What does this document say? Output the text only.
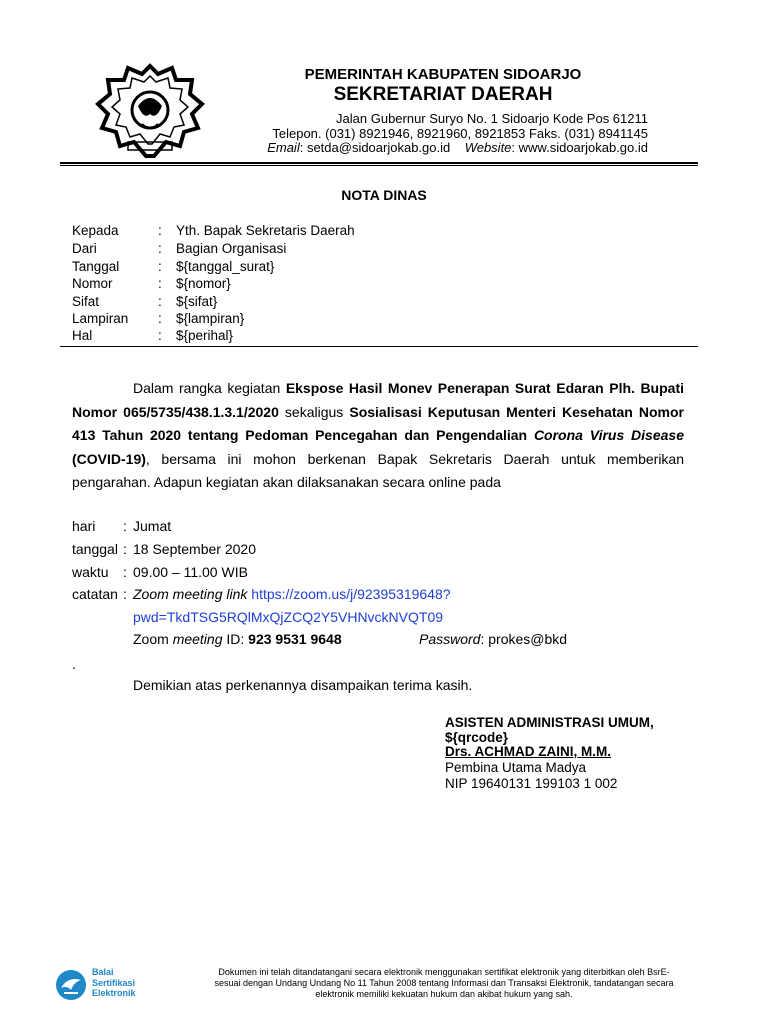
PEMERINTAH KABUPATEN SIDOARJO
SEKRETARIAT DAERAH
Jalan Gubernur Suryo No. 1 Sidoarjo Kode Pos 61211
Telepon. (031) 8921946, 8921960, 8921853 Faks. (031) 8941145
Email: setda@sidoarjokab.go.id Website: www.sidoarjokab.go.id
NOTA DINAS
Kepada	: Yth. Bapak Sekretaris Daerah
Dari	: Bagian Organisasi
Tanggal	: ${tanggal_surat}
Nomor	: ${nomor}
Sifat	: ${sifat}
Lampiran : ${lampiran}
Hal	: ${perihal}
Dalam rangka kegiatan Ekspose Hasil Monev Penerapan Surat Edaran Plh. Bupati Nomor 065/5735/438.1.3.1/2020 sekaligus Sosialisasi Keputusan Menteri Kesehatan Nomor 413 Tahun 2020 tentang Pedoman Pencegahan dan Pengendalian Corona Virus Disease (COVID-19), bersama ini mohon berkenan Bapak Sekretaris Daerah untuk memberikan pengarahan. Adapun kegiatan akan dilaksanakan secara online pada
hari : Jumat
tanggal : 18 September 2020
waktu : 09.00 – 11.00 WIB
catatan : Zoom meeting link https://zoom.us/j/92395319648?
pwd=TkdTSG5RQlMxQjZCQ2Y5VHNvckNVQT09
Zoom meeting ID: 923 9531 9648	Password: prokes@bkd
.
Demikian atas perkenannya disampaikan terima kasih.
ASISTEN ADMINISTRASI UMUM,
${qrcode}
Drs. ACHMAD ZAINI, M.M.
Pembina Utama Madya
NIP 19640131 199103 1 002
Balai
Sertifikasi
Elektronik
Dokumen ini telah ditandatangani secara elektronik menggunakan sertifikat elektronik yang diterbitkan oleh BsrE-
sesuai dengan Undang Undang No 11 Tahun 2008 tentang Informasi dan Transaksi Elektronik, tandatangan secara
elektronik memiliki kekuatan hukum dan akibat hukum yang sah.
